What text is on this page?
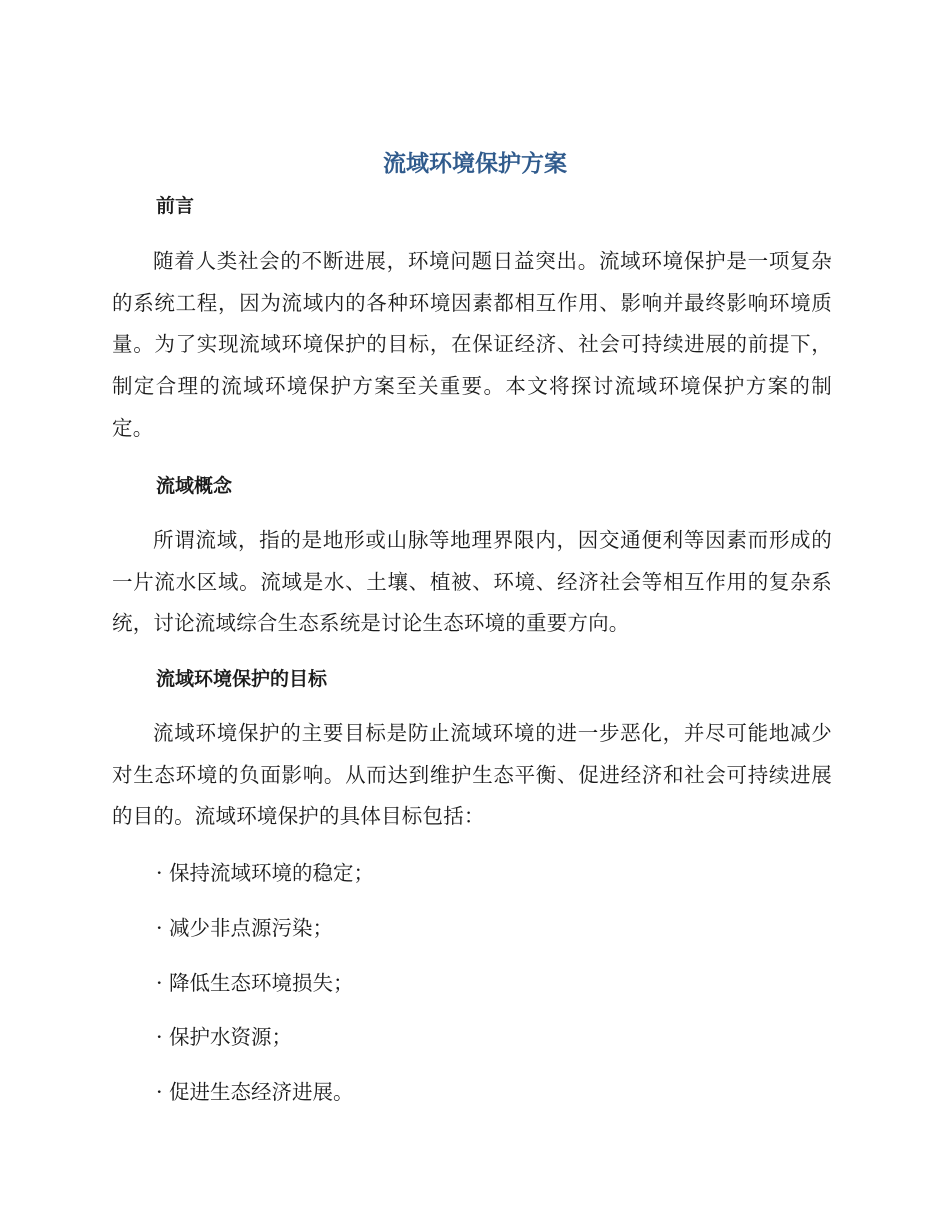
流域环境保护方案
前言
随着人类社会的不断进展，环境问题日益突出。流域环境保护是一项复杂的系统工程，因为流域内的各种环境因素都相互作用、影响并最终影响环境质量。为了实现流域环境保护的目标，在保证经济、社会可持续进展的前提下，制定合理的流域环境保护方案至关重要。本文将探讨流域环境保护方案的制定。
流域概念
所谓流域，指的是地形或山脉等地理界限内，因交通便利等因素而形成的一片流水区域。流域是水、土壤、植被、环境、经济社会等相互作用的复杂系统，讨论流域综合生态系统是讨论生态环境的重要方向。
流域环境保护的目标
流域环境保护的主要目标是防止流域环境的进一步恶化，并尽可能地减少对生态环境的负面影响。从而达到维护生态平衡、促进经济和社会可持续进展的目的。流域环境保护的具体目标包括：
· 保持流域环境的稳定；
· 减少非点源污染；
· 降低生态环境损失；
· 保护水资源；
· 促进生态经济进展。
